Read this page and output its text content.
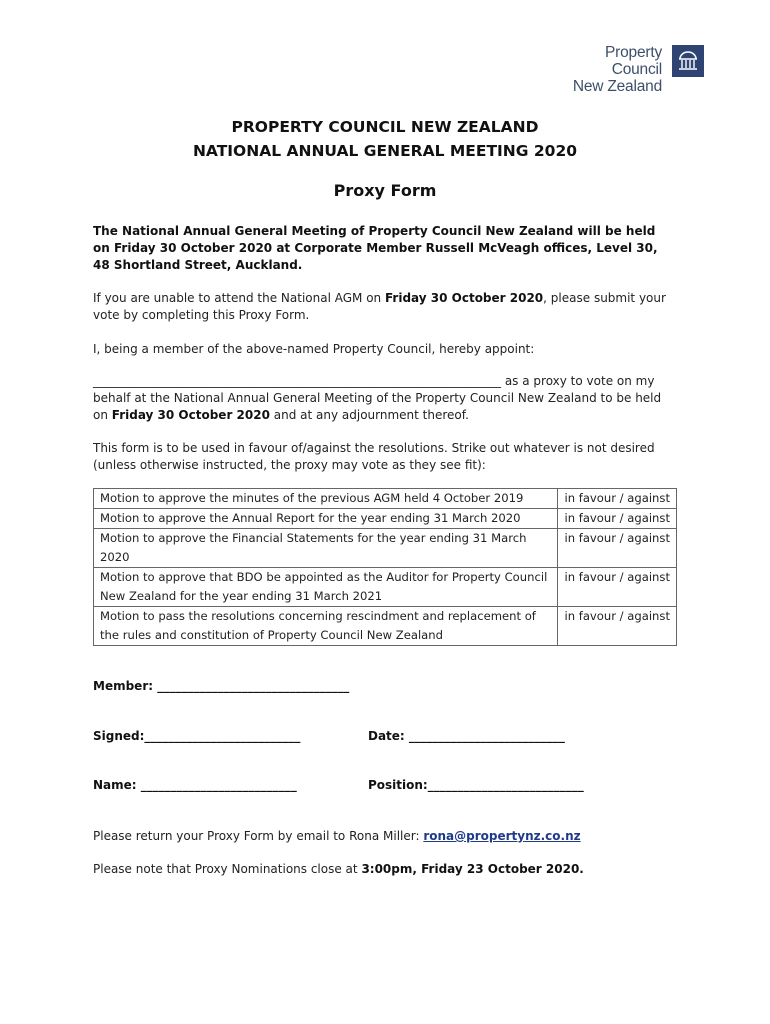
Property Council
New Zealand
PROPERTY COUNCIL NEW ZEALAND
NATIONAL ANNUAL GENERAL MEETING 2020
Proxy Form
The National Annual General Meeting of Property Council New Zealand will be held on Friday 30 October 2020 at Corporate Member Russell McVeagh offices, Level 30, 48 Shortland Street, Auckland.
If you are unable to attend the National AGM on Friday 30 October 2020, please submit your vote by completing this Proxy Form.
I, being a member of the above-named Property Council, hereby appoint:
____________________________________________________________________ as a proxy to vote on my behalf at the National Annual General Meeting of the Property Council New Zealand to be held on Friday 30 October 2020 and at any adjournment thereof.
This form is to be used in favour of/against the resolutions. Strike out whatever is not desired (unless otherwise instructed, the proxy may vote as they see fit):
Motion to approve the minutes of the previous AGM held 4 October 2019	in favour / against
Motion to approve the Annual Report for the year ending 31 March 2020	in favour / against
Motion to approve the Financial Statements for the year ending 31 March 2020	in favour / against
Motion to approve that BDO be appointed as the Auditor for Property Council New Zealand for the year ending 31 March 2021	in favour / against
Motion to pass the resolutions concerning rescindment and replacement of the rules and constitution of Property Council New Zealand	in favour / against
Member: ________________________________
Signed:__________________________	Date: __________________________
Name: __________________________	Position:__________________________
Please return your Proxy Form by email to Rona Miller: rona@propertynz.co.nz
Please note that Proxy Nominations close at 3:00pm, Friday 23 October 2020.
